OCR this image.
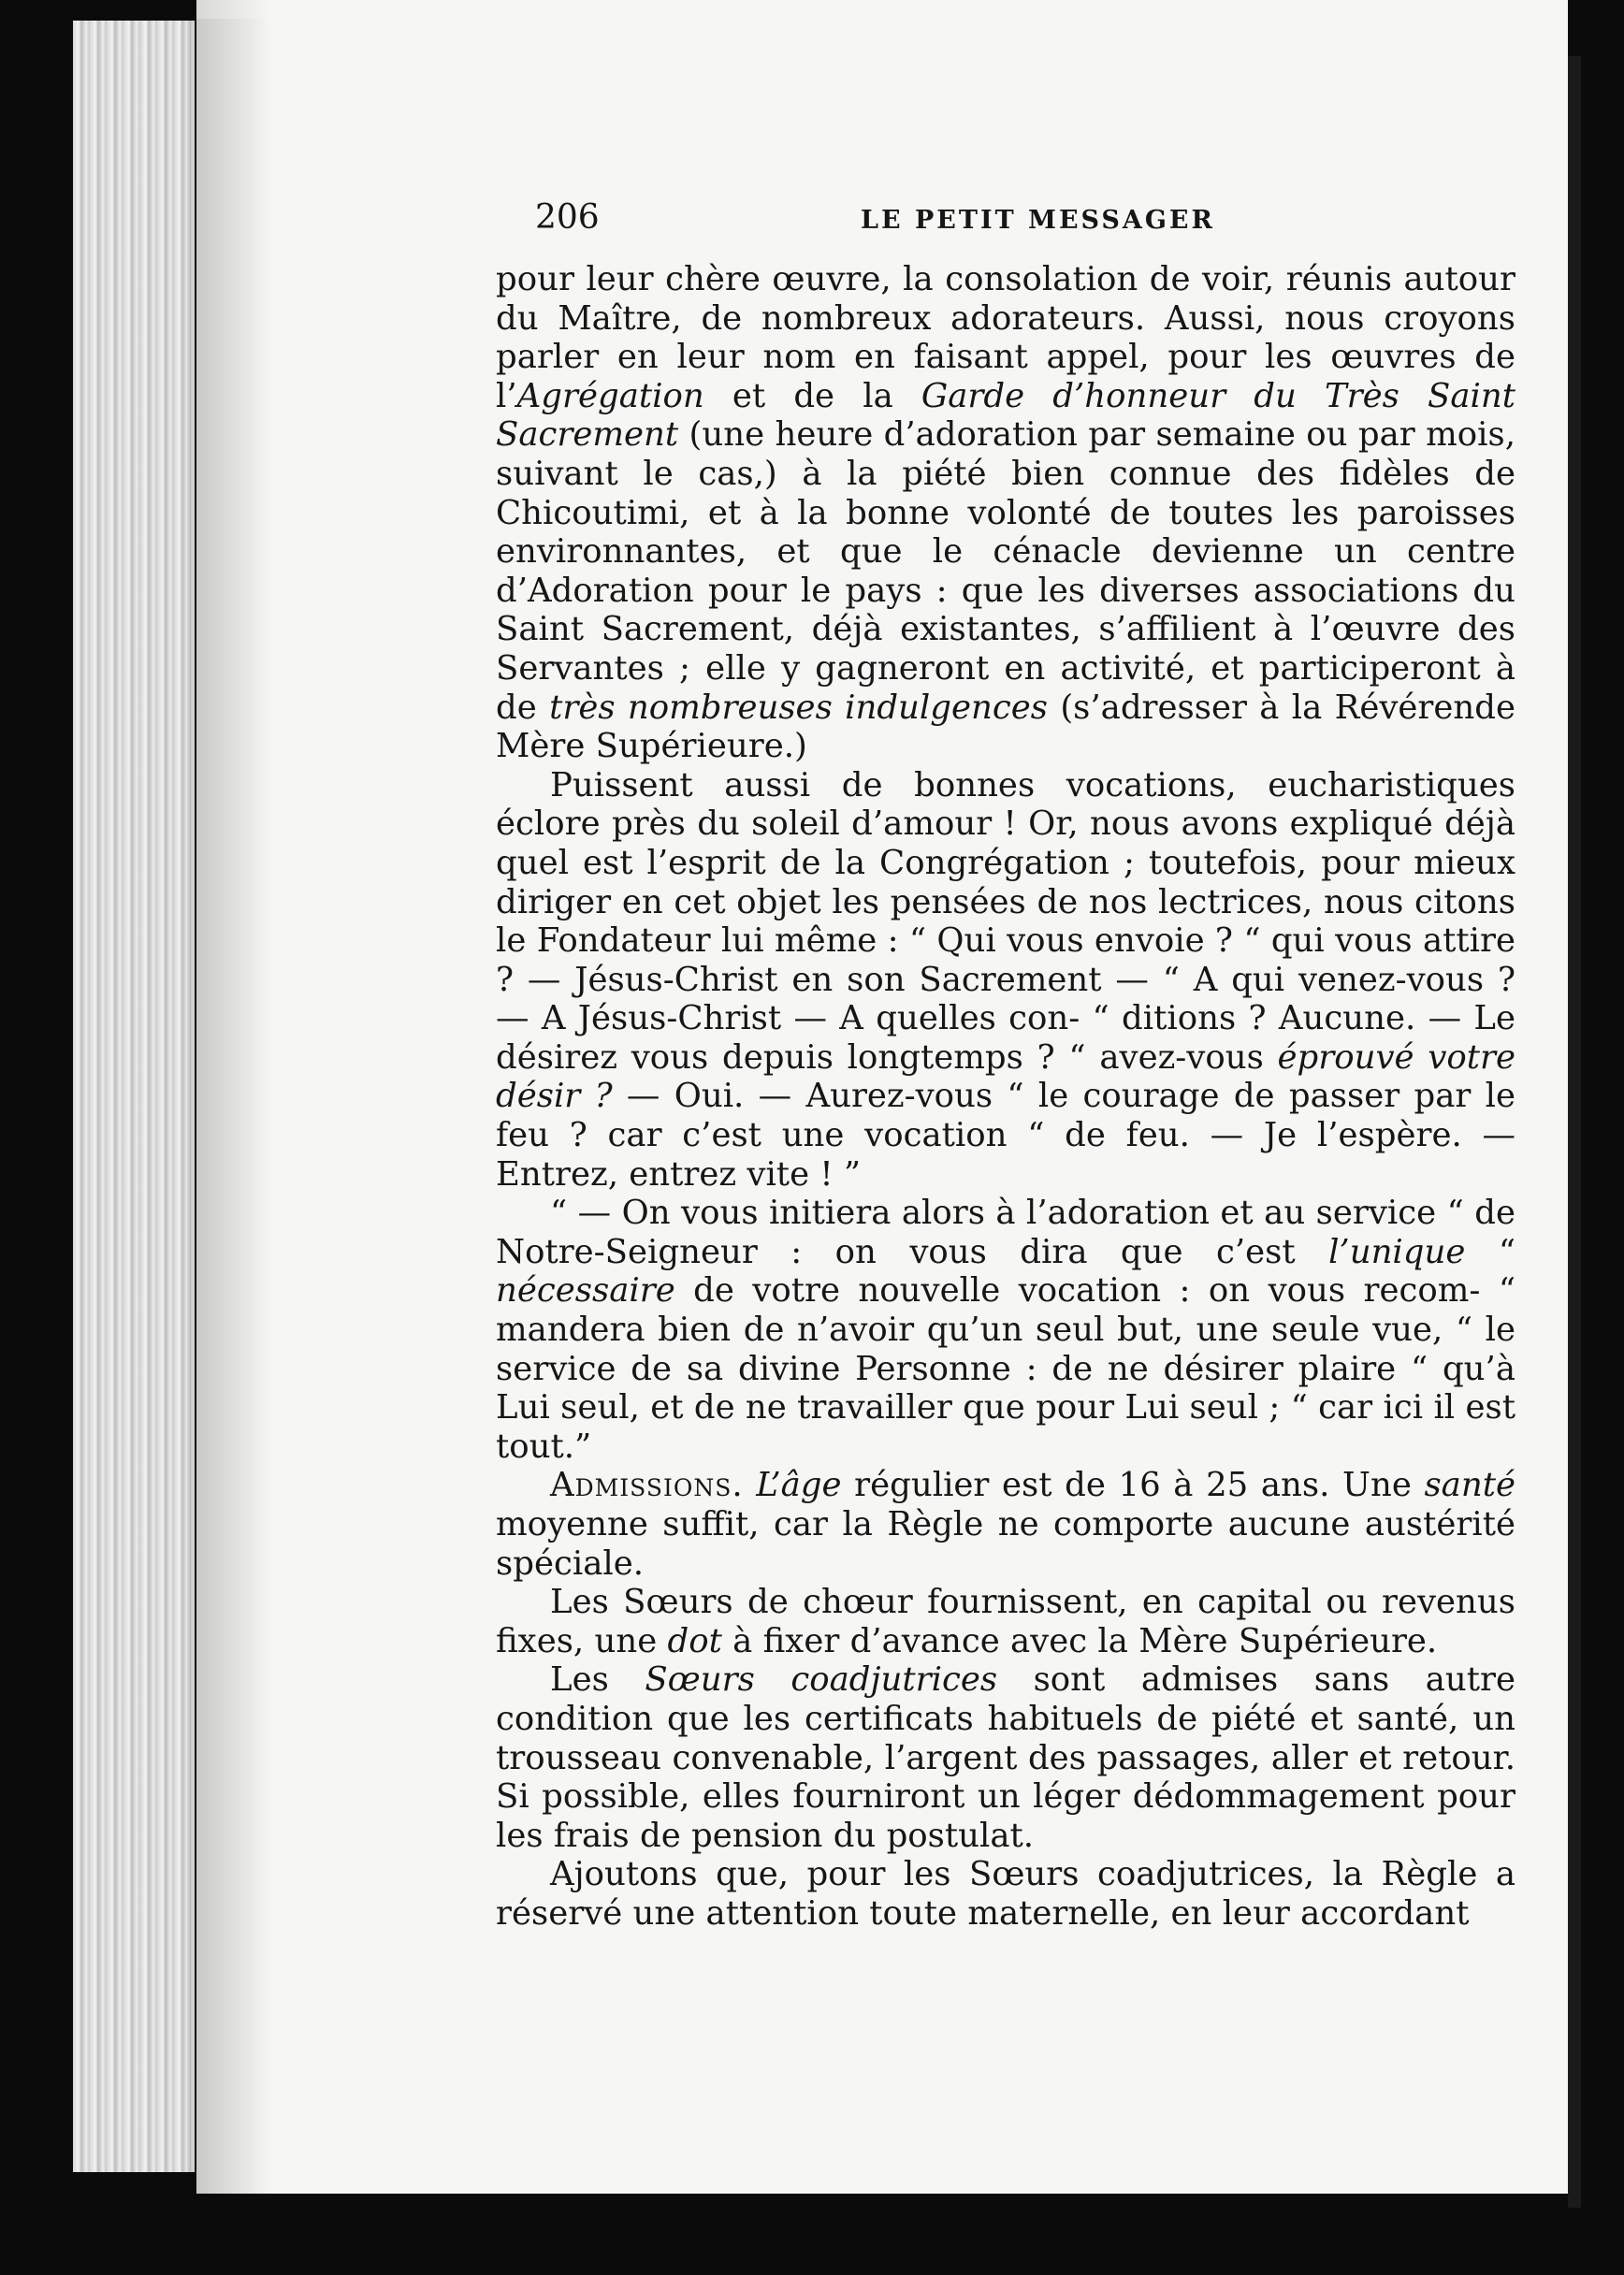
206	LE PETIT MESSAGER

pour leur chère œuvre, la consolation de voir, réunis autour du Maître, de nombreux adorateurs. Aussi, nous croyons parler en leur nom en faisant appel, pour les œuvres de l’Agrégation et de la Garde d’honneur du Très Saint Sacrement (une heure d’adoration par semaine ou par mois, suivant le cas,) à la piété bien connue des fidèles de Chicoutimi, et à la bonne volonté de toutes les paroisses environnantes, et que le cénacle devienne un centre d’Adoration pour le pays : que les diverses associations du Saint Sacrement, déjà existantes, s’affilient à l’œuvre des Servantes ; elle y gagneront en activité, et participeront à de très nombreuses indulgences (s’adresser à la Révérende Mère Supérieure.)

Puissent aussi de bonnes vocations, eucharistiques éclore près du soleil d’amour ! Or, nous avons expliqué déjà quel est l’esprit de la Congrégation ; toutefois, pour mieux diriger en cet objet les pensées de nos lectrices, nous citons le Fondateur lui même : “ Qui vous envoie ? “ qui vous attire ? — Jésus-Christ en son Sacrement — “ A qui venez-vous ? — A Jésus-Christ — A quelles con- “ ditions ? Aucune. — Le désirez vous depuis longtemps ? “ avez-vous éprouvé votre désir ? — Oui. — Aurez-vous “ le courage de passer par le feu ? car c’est une vocation “ de feu. — Je l’espère. — Entrez, entrez vite ! ”

“ — On vous initiera alors à l’adoration et au service “ de Notre-Seigneur : on vous dira que c’est l’unique “ nécessaire de votre nouvelle vocation : on vous recom- “ mandera bien de n’avoir qu’un seul but, une seule vue, “ le service de sa divine Personne : de ne désirer plaire “ qu’à Lui seul, et de ne travailler que pour Lui seul ; “ car ici il est tout.”

Admissions. L’âge régulier est de 16 à 25 ans. Une santé moyenne suffit, car la Règle ne comporte aucune austérité spéciale.

Les Sœurs de chœur fournissent, en capital ou revenus fixes, une dot à fixer d’avance avec la Mère Supérieure.

Les Sœurs coadjutrices sont admises sans autre condition que les certificats habituels de piété et santé, un trousseau convenable, l’argent des passages, aller et retour. Si possible, elles fourniront un léger dédommagement pour les frais de pension du postulat.

Ajoutons que, pour les Sœurs coadjutrices, la Règle a réservé une attention toute maternelle, en leur accordant
